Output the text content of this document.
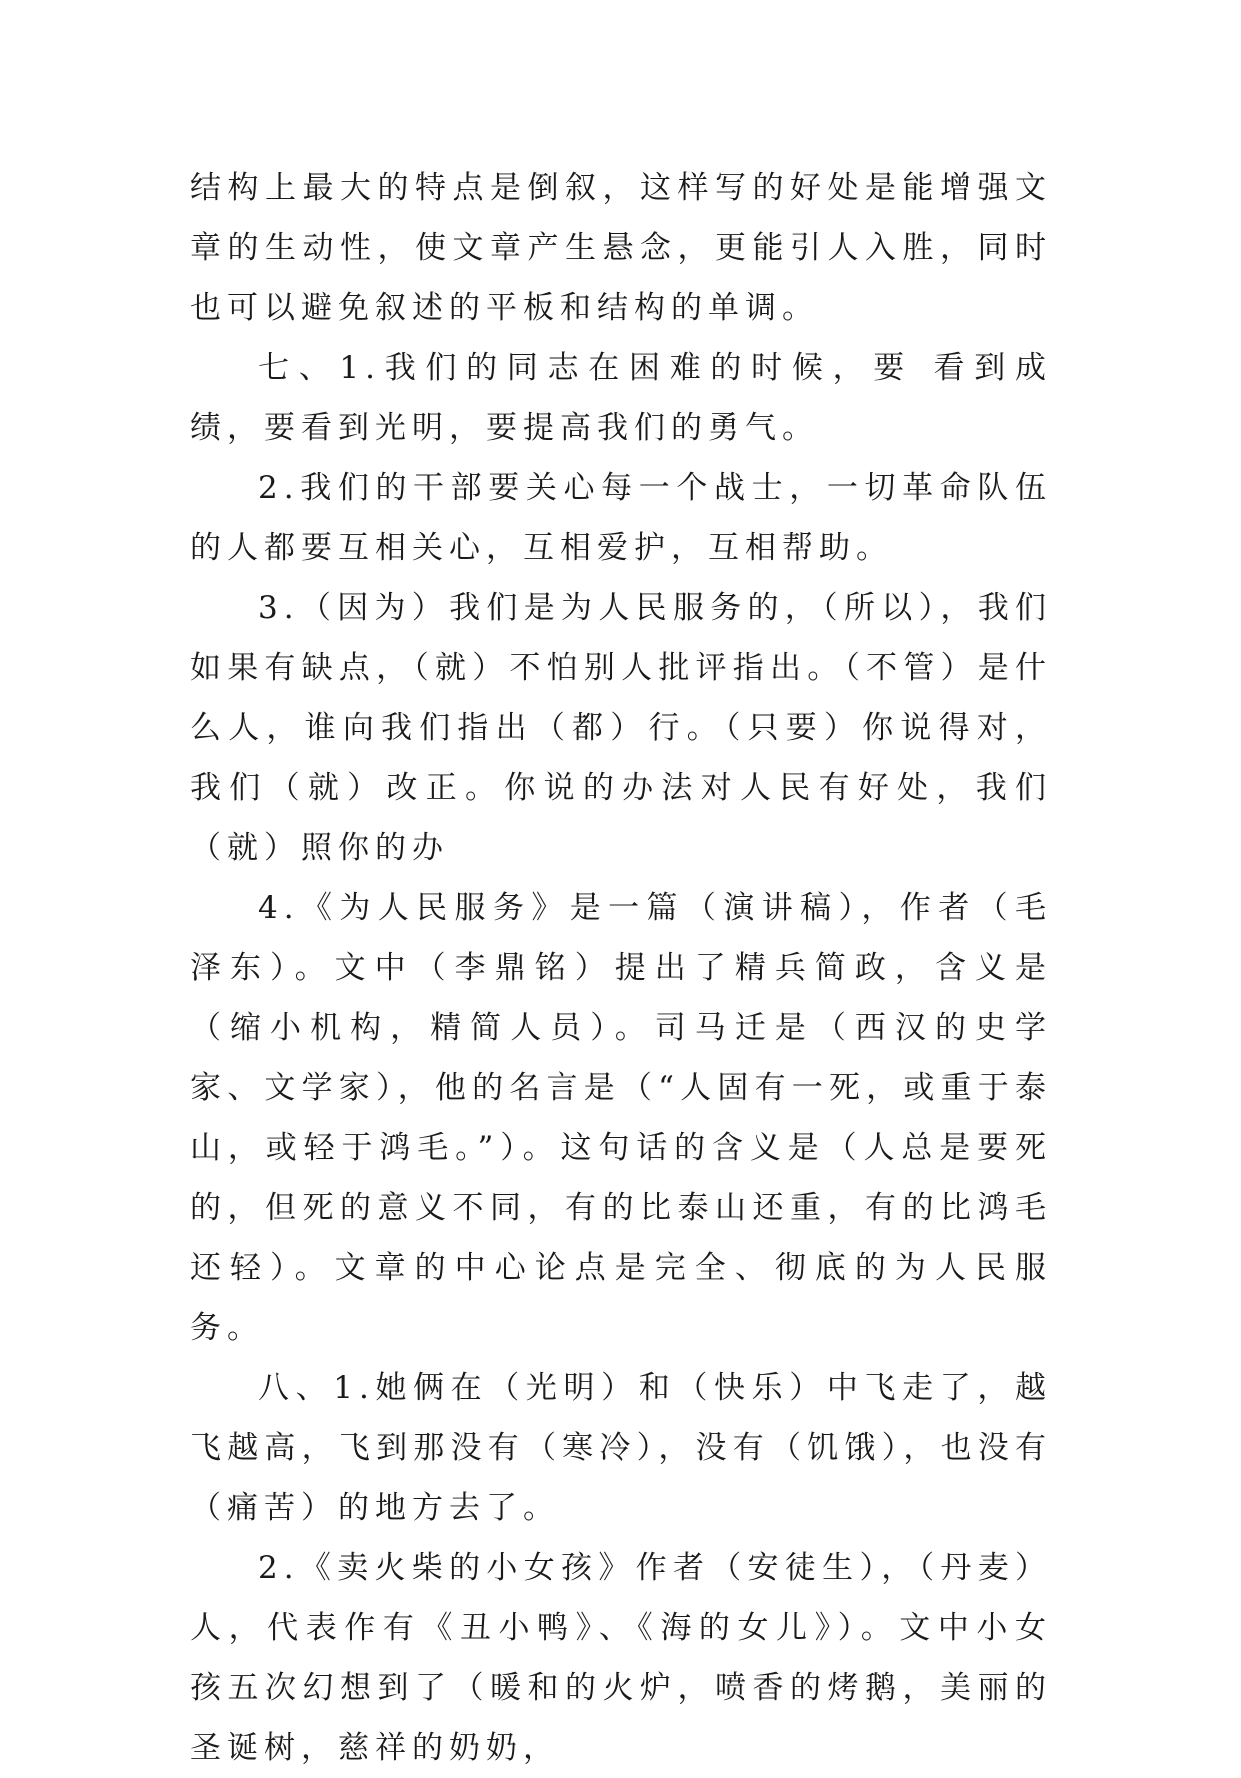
结构上最大的特点是倒叙，这样写的好处是能增强文章的生动性，使文章产生悬念，更能引人入胜，同时也可以避免叙述的平板和结构的单调。

七、1.我们的同志在困难的时候，要 看到成绩，要看到光明，要提高我们的勇气。

2.我们的干部要关心每一个战士，一切革命队伍的人都要互相关心，互相爱护，互相帮助。

3.（因为）我们是为人民服务的，（所以），我们如果有缺点，（就）不怕别人批评指出。（不管）是什么人，谁向我们指出（都）行。（只要）你说得对，我们（就）改正。你说的办法对人民有好处，我们（就）照你的办

4.《为人民服务》是一篇（演讲稿），作者（毛泽东）。文中（李鼎铭）提出了精兵简政，含义是（缩小机构，精简人员）。司马迁是（西汉的史学家、文学家），他的名言是（“人固有一死，或重于泰山，或轻于鸿毛。”）。这句话的含义是（人总是要死的，但死的意义不同，有的比泰山还重，有的比鸿毛还轻）。文章的中心论点是完全、彻底的为人民服务。

八、1.她俩在（光明）和（快乐）中飞走了，越飞越高，飞到那没有（寒冷），没有（饥饿），也没有（痛苦）的地方去了。

2.《卖火柴的小女孩》作者（安徒生），（丹麦）人，代表作有《丑小鸭》、《海的女儿》）。文中小女孩五次幻想到了（暖和的火炉，喷香的烤鹅，美丽的圣诞树，慈祥的奶奶，
